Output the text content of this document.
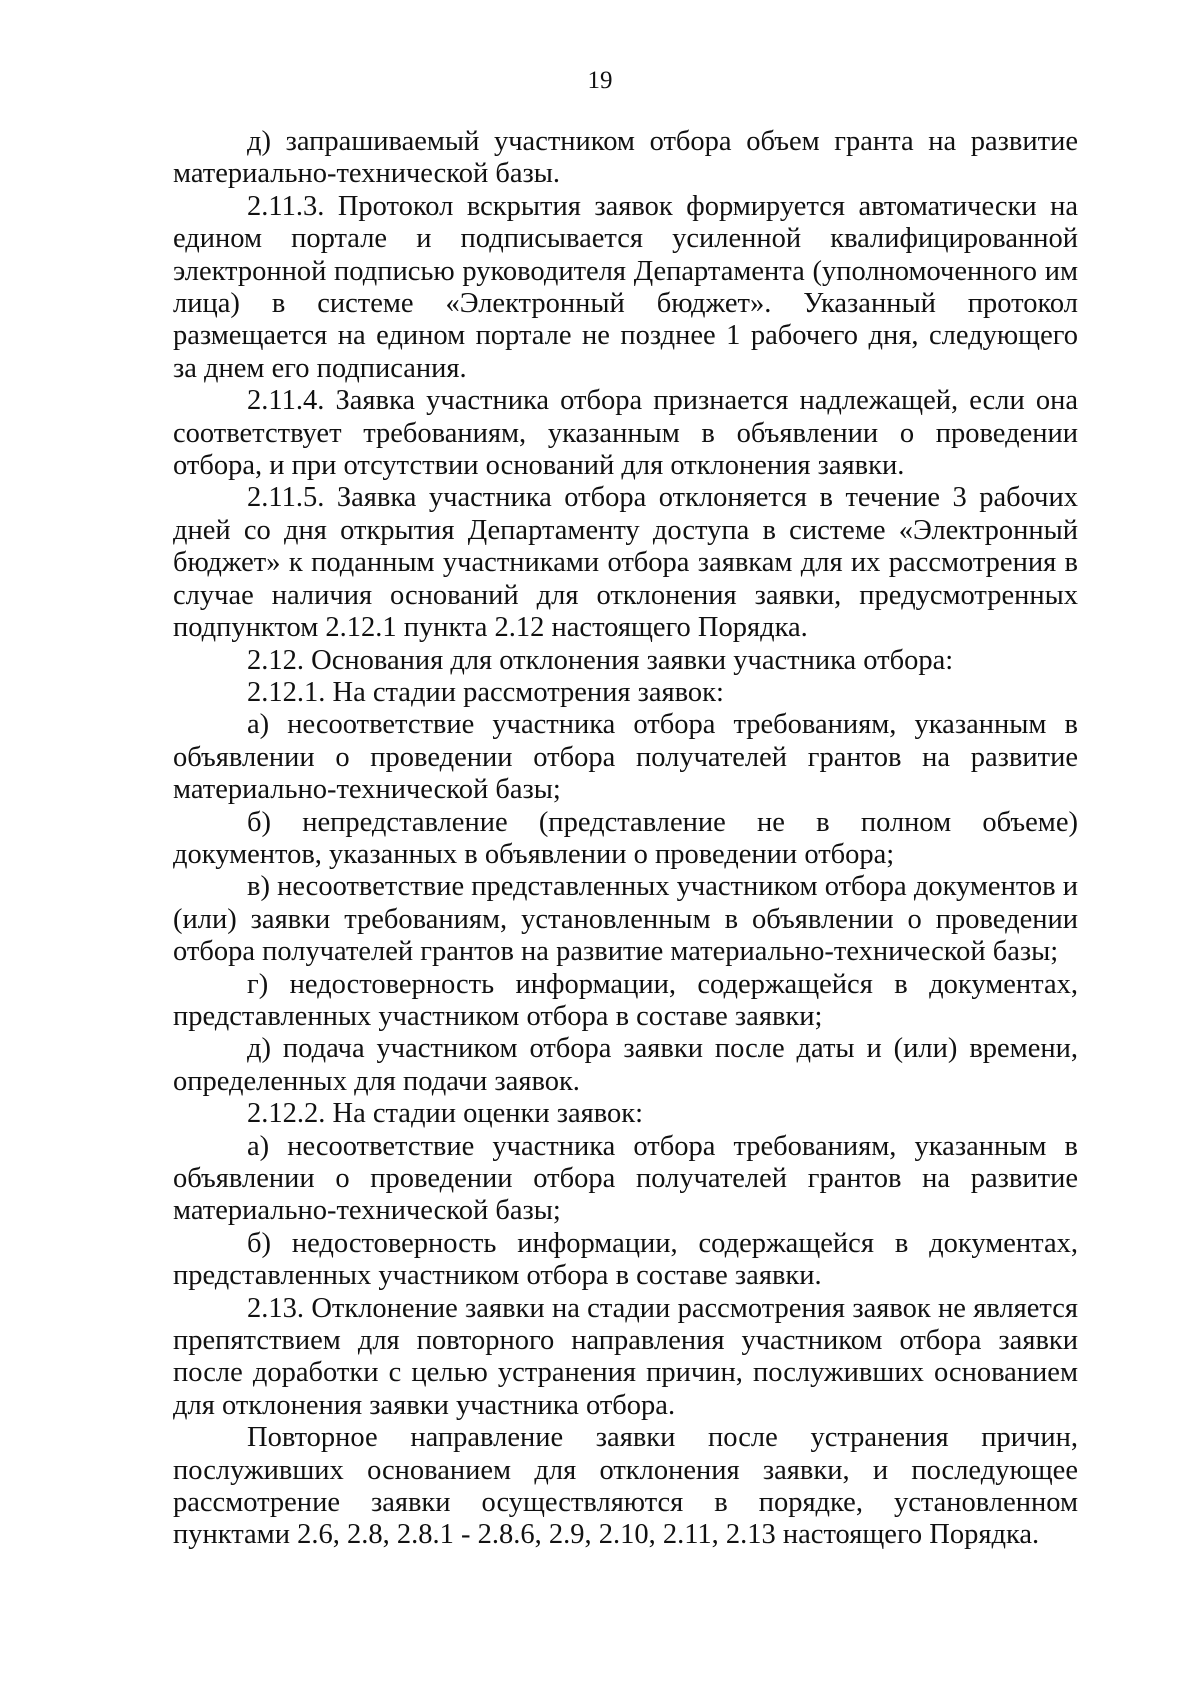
19

д) запрашиваемый участником отбора объем гранта на развитие материально-технической базы.

2.11.3. Протокол вскрытия заявок формируется автоматически на едином портале и подписывается усиленной квалифицированной электронной подписью руководителя Департамента (уполномоченного им лица) в системе «Электронный бюджет». Указанный протокол размещается на едином портале не позднее 1 рабочего дня, следующего за днем его подписания.

2.11.4. Заявка участника отбора признается надлежащей, если она соответствует требованиям, указанным в объявлении о проведении отбора, и при отсутствии оснований для отклонения заявки.

2.11.5. Заявка участника отбора отклоняется в течение 3 рабочих дней со дня открытия Департаменту доступа в системе «Электронный бюджет» к поданным участниками отбора заявкам для их рассмотрения в случае наличия оснований для отклонения заявки, предусмотренных подпунктом 2.12.1 пункта 2.12 настоящего Порядка.

2.12. Основания для отклонения заявки участника отбора:

2.12.1. На стадии рассмотрения заявок:

а) несоответствие участника отбора требованиям, указанным в объявлении о проведении отбора получателей грантов на развитие материально-технической базы;

б) непредставление (представление не в полном объеме) документов, указанных в объявлении о проведении отбора;

в) несоответствие представленных участником отбора документов и (или) заявки требованиям, установленным в объявлении о проведении отбора получателей грантов на развитие материально-технической базы;

г) недостоверность информации, содержащейся в документах, представленных участником отбора в составе заявки;

д) подача участником отбора заявки после даты и (или) времени, определенных для подачи заявок.

2.12.2. На стадии оценки заявок:

а) несоответствие участника отбора требованиям, указанным в объявлении о проведении отбора получателей грантов на развитие материально-технической базы;

б) недостоверность информации, содержащейся в документах, представленных участником отбора в составе заявки.

2.13. Отклонение заявки на стадии рассмотрения заявок не является препятствием для повторного направления участником отбора заявки после доработки с целью устранения причин, послуживших основанием для отклонения заявки участника отбора.

Повторное направление заявки после устранения причин, послуживших основанием для отклонения заявки, и последующее рассмотрение заявки осуществляются в порядке, установленном пунктами 2.6, 2.8, 2.8.1 - 2.8.6, 2.9, 2.10, 2.11, 2.13 настоящего Порядка.
